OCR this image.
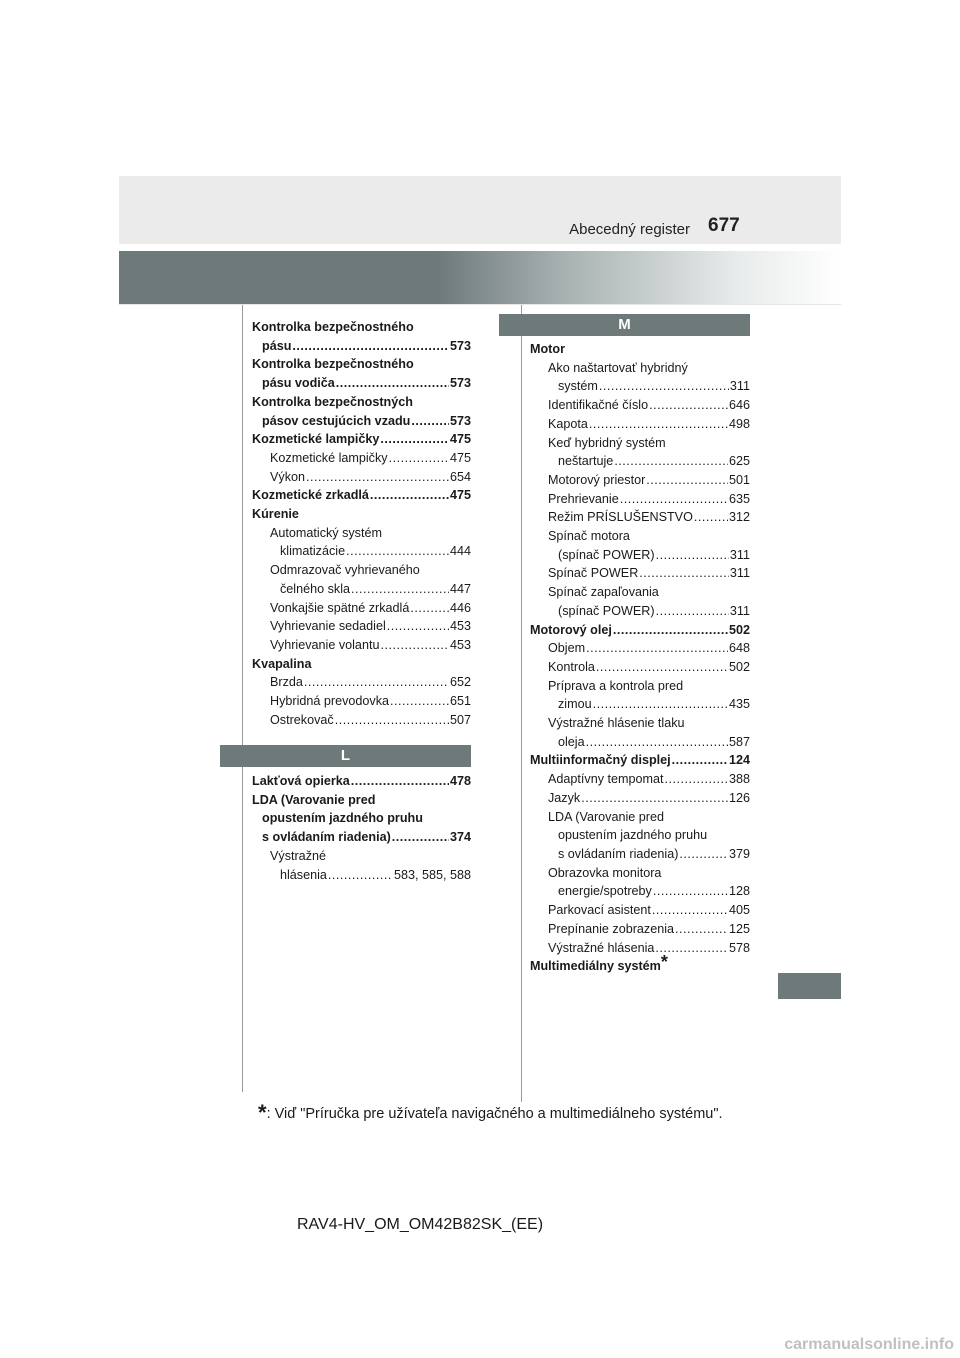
Abecedný register 677
Kontrolka bezpečnostného
pásu .....	573
Kontrolka bezpečnostného
pásu vodiča .....	573
Kontrolka bezpečnostných
pásov cestujúcich vzadu .....	573
Kozmetické lampičky .....	475
Kozmetické lampičky .....	475
Výkon .....	654
Kozmetické zrkadlá .....	475
Kúrenie
Automatický systém
klimatizácie .....	444
Odmrazovač vyhrievaného
čelného skla .....	447
Vonkajšie spätné zrkadlá .....	446
Vyhrievanie sedadiel .....	453
Vyhrievanie volantu .....	453
Kvapalina
Brzda .....	652
Hybridná prevodovka .....	651
Ostrekovač .....	507
L
Lakťová opierka .....	478
LDA (Varovanie pred
opustením jazdného pruhu
s ovládaním riadenia) .....	374
Výstražné
hlásenia .....	583, 585, 588
M
Motor
Ako naštartovať hybridný
systém .....	311
Identifikačné číslo .....	646
Kapota .....	498
Keď hybridný systém
neštartuje .....	625
Motorový priestor .....	501
Prehrievanie .....	635
Režim PRÍSLUŠENSTVO .....	312
Spínač motora
(spínač POWER) .....	311
Spínač POWER .....	311
Spínač zapaľovania
(spínač POWER) .....	311
Motorový olej .....	502
Objem .....	648
Kontrola .....	502
Príprava a kontrola pred
zimou .....	435
Výstražné hlásenie tlaku
oleja .....	587
Multiinformačný displej .....	124
Adaptívny tempomat .....	388
Jazyk .....	126
LDA (Varovanie pred
opustením jazdného pruhu
s ovládaním riadenia) .....	379
Obrazovka monitora
energie/spotreby .....	128
Parkovací asistent .....	405
Prepínanie zobrazenia .....	125
Výstražné hlásenia .....	578
Multimediálny systém*
*: Viď "Príručka pre užívateľa navigačného a multimediálneho systému".
RAV4-HV_OM_OM42B82SK_(EE)
carmanualsonline.info
